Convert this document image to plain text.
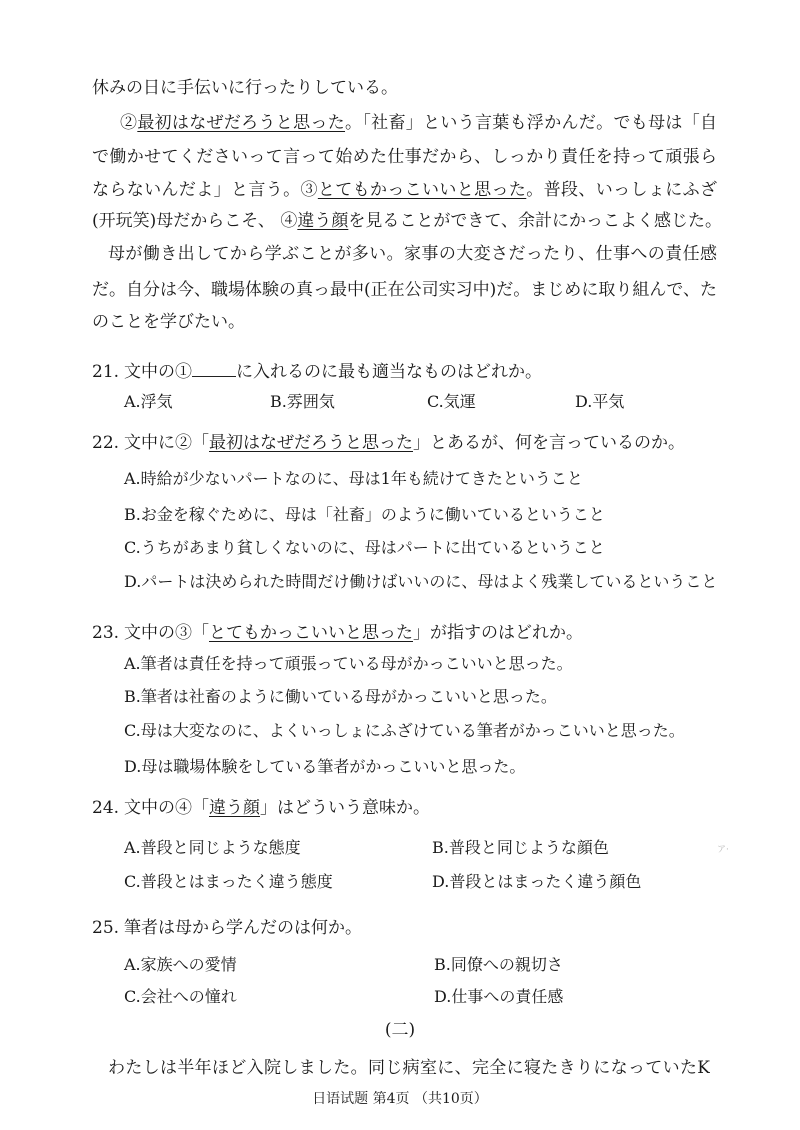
休みの日に手伝いに行ったりしている。
②最初はなぜだろうと思った。「社畜」という言葉も浮かんだ。でも母は「自
で働かせてくださいって言って始めた仕事だから、しっかり責任を持って頑張ら
ならないんだよ」と言う。③とてもかっこいいと思った。普段、いっしょにふざ
(开玩笑)母だからこそ、 ④違う顔を見ることができて、余計にかっこよく感じた。
母が働き出してから学ぶことが多い。家事の大変さだったり、仕事への責任感
だ。自分は今、職場体験の真っ最中(正在公司实习中)だ。まじめに取り組んで、た
のことを学びたい。
21. 文中の①	に入れるのに最も適当なものはどれか。
A.浮気	B.雰囲気	C.気運	D.平気
22. 文中に②「最初はなぜだろうと思った」とあるが、何を言っているのか。
A.時給が少ないパートなのに、母は1年も続けてきたということ
B.お金を稼ぐために、母は「社畜」のように働いているということ
C.うちがあまり貧しくないのに、母はパートに出ているということ
D.パートは決められた時間だけ働けばいいのに、母はよく残業しているということ
23. 文中の③「とてもかっこいいと思った」が指すのはどれか。
A.筆者は責任を持って頑張っている母がかっこいいと思った。
B.筆者は社畜のように働いている母がかっこいいと思った。
C.母は大変なのに、よくいっしょにふざけている筆者がかっこいいと思った。
D.母は職場体験をしている筆者がかっこいいと思った。
24. 文中の④「違う顔」はどういう意味か。
A.普段と同じような態度	B.普段と同じような顔色
C.普段とはまったく違う態度	D.普段とはまったく違う顔色
ア·
25. 筆者は母から学んだのは何か。
A.家族への愛情	B.同僚への親切さ
C.会社への憧れ	D.仕事への責任感
(二)
わたしは半年ほど入院しました。同じ病室に、完全に寝たきりになっていたK
日语试题 第4页 （共10页）
